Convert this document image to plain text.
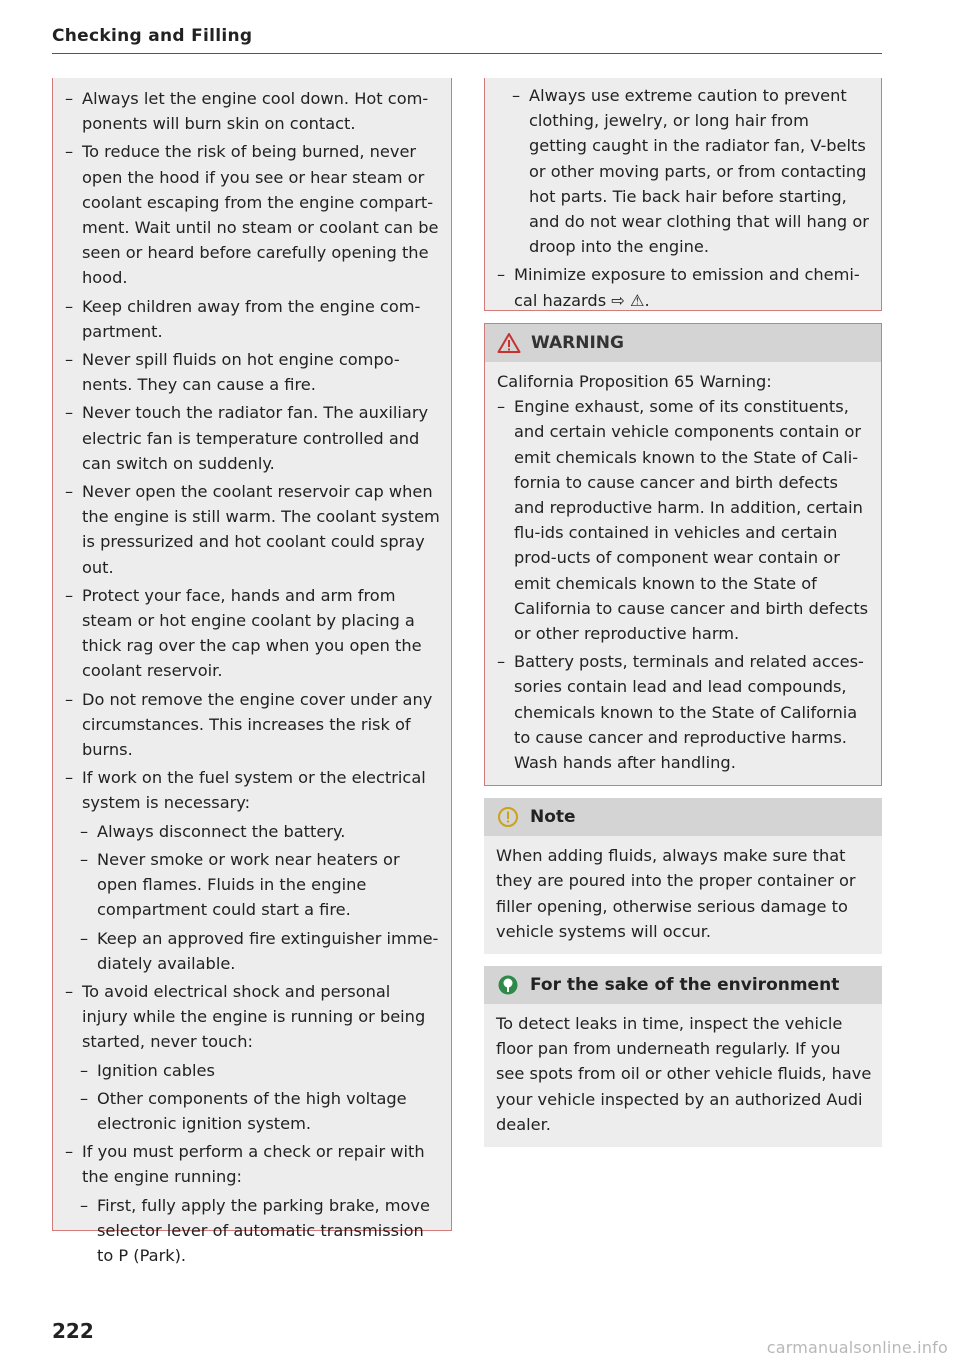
Checking and Filling
– Always let the engine cool down. Hot com-ponents will burn skin on contact.
– To reduce the risk of being burned, never open the hood if you see or hear steam or coolant escaping from the engine compart-ment. Wait until no steam or coolant can be seen or heard before carefully opening the hood.
– Keep children away from the engine com-partment.
– Never spill fluids on hot engine compo-nents. They can cause a fire.
– Never touch the radiator fan. The auxiliary electric fan is temperature controlled and can switch on suddenly.
– Never open the coolant reservoir cap when the engine is still warm. The coolant system is pressurized and hot coolant could spray out.
– Protect your face, hands and arm from steam or hot engine coolant by placing a thick rag over the cap when you open the coolant reservoir.
– Do not remove the engine cover under any circumstances. This increases the risk of burns.
– If work on the fuel system or the electrical system is necessary:
– Always disconnect the battery.
– Never smoke or work near heaters or open flames. Fluids in the engine compartment could start a fire.
– Keep an approved fire extinguisher imme-diately available.
– To avoid electrical shock and personal injury while the engine is running or being started, never touch:
– Ignition cables
– Other components of the high voltage electronic ignition system.
– If you must perform a check or repair with the engine running:
– First, fully apply the parking brake, move selector lever of automatic transmission to P (Park).
– Always use extreme caution to prevent clothing, jewelry, or long hair from getting caught in the radiator fan, V-belts or other moving parts, or from contacting hot parts. Tie back hair before starting, and do not wear clothing that will hang or droop into the engine.
– Minimize exposure to emission and chemi-cal hazards ⇨ ⚠.
WARNING

California Proposition 65 Warning:

– Engine exhaust, some of its constituents, and certain vehicle components contain or emit chemicals known to the State of Cali-fornia to cause cancer and birth defects and reproductive harm. In addition, certain flu-ids contained in vehicles and certain prod-ucts of component wear contain or emit chemicals known to the State of California to cause cancer and birth defects or other reproductive harm.
– Battery posts, terminals and related acces-sories contain lead and lead compounds, chemicals known to the State of California to cause cancer and reproductive harms. Wash hands after handling.
Note

When adding fluids, always make sure that they are poured into the proper container or filler opening, otherwise serious damage to vehicle systems will occur.

For the sake of the environment

To detect leaks in time, inspect the vehicle floor pan from underneath regularly. If you see spots from oil or other vehicle fluids, have your vehicle inspected by an authorized Audi dealer.

222
carmanualsonline.info
